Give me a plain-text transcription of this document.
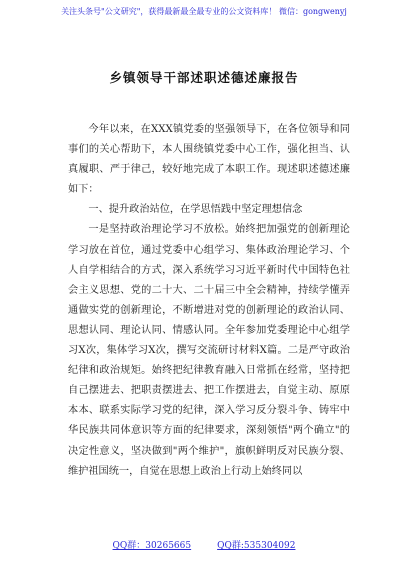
关注头条号"公文研究"，获得最新最全最专业的公文资料库！ 微信：gongwenyj
乡镇领导干部述职述德述廉报告

今年以来，在XXX镇党委的坚强领导下，在各位领导和同事们的关心帮助下，本人围绕镇党委中心工作，强化担当、认真履职、严于律己，较好地完成了本职工作。现述职述德述廉如下：

一、提升政治站位，在学思悟践中坚定理想信念

一是坚持政治理论学习不放松。始终把加强党的创新理论学习放在首位，通过党委中心组学习、集体政治理论学习、个人自学相结合的方式，深入系统学习习近平新时代中国特色社会主义思想、党的二十大、二十届三中全会精神，持续学懂弄通做实党的创新理论，不断增进对党的创新理论的政治认同、思想认同、理论认同、情感认同。全年参加党委理论中心组学习X次，集体学习X次，撰写交流研讨材料X篇。二是严守政治纪律和政治规矩。始终把纪律教育融入日常抓在经常，坚持把自己摆进去、把职责摆进去、把工作摆进去，自觉主动、原原本本、联系实际学习党的纪律，深入学习反分裂斗争、铸牢中华民族共同体意识等方面的纪律要求，深刻领悟"两个确立"的决定性意义，坚决做到"两个维护"，旗帜鲜明反对民族分裂、维护祖国统一，自觉在思想上政治上行动上始终同以

QQ群：30265665	QQ群:535304092
